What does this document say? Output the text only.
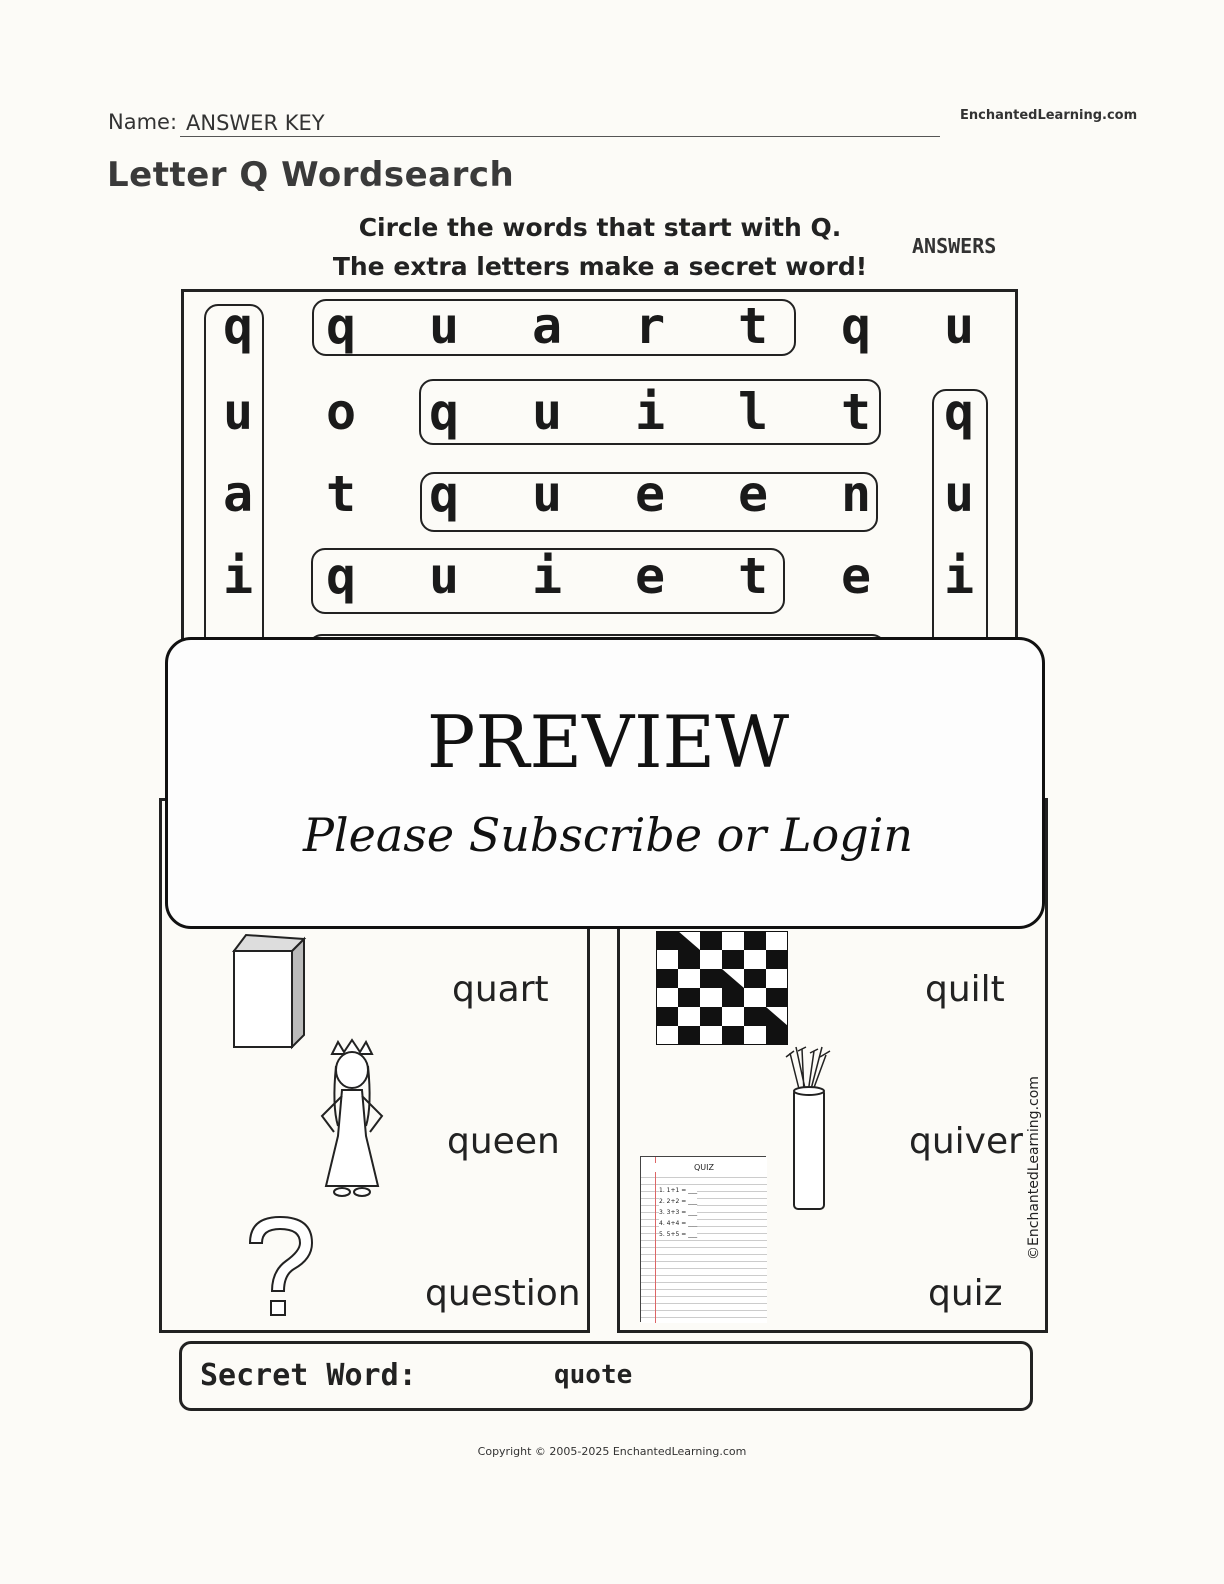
Name: ANSWER KEY	EnchantedLearning.com
Letter Q Wordsearch
Circle the words that start with Q.
The extra letters make a secret word!
ANSWERS
q q u a r t q u
u o q u i l t q
a t q u e e n u
i q u i e t e i
quart
queen
question
quilt
quiver
quiz
QUIZ
1. 1+1 = ___
2. 2+2 = ___
3. 3+3 = ___
4. 4+4 = ___
5. 5+5 = ___	©EnchantedLearning.com
PREVIEW
Please Subscribe or Login
Secret Word:	quote
Copyright © 2005-2025 EnchantedLearning.com
